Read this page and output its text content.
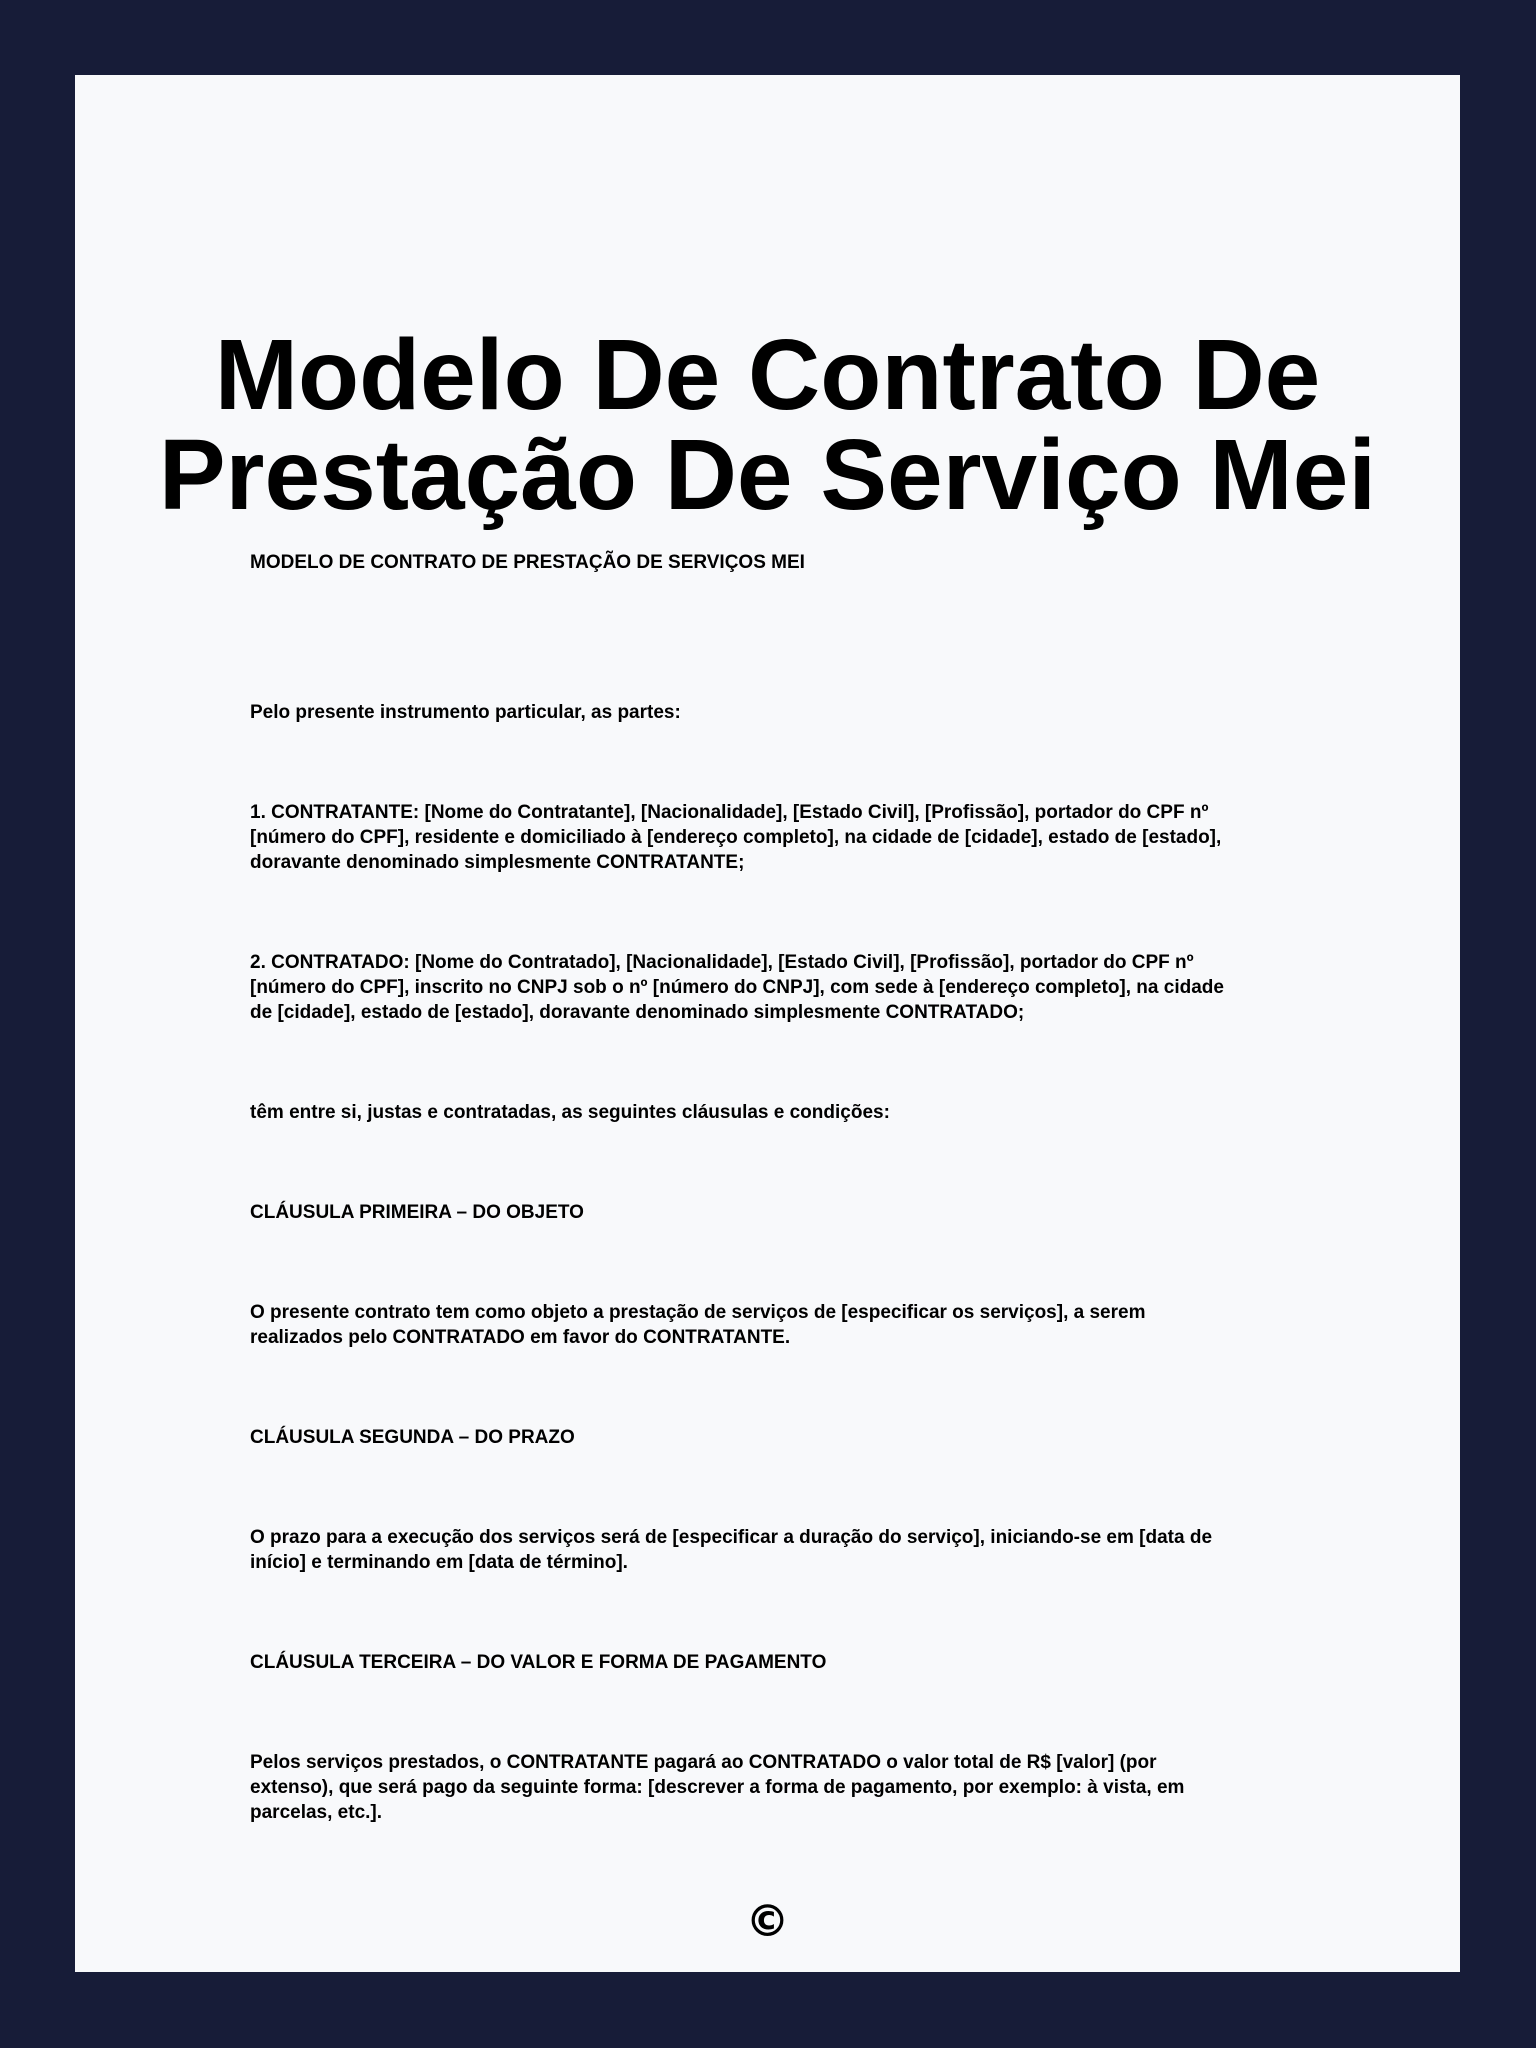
Modelo De Contrato De
Prestação De Serviço Mei

MODELO DE CONTRATO DE PRESTAÇÃO DE SERVIÇOS MEI

Pelo presente instrumento particular, as partes:

1. CONTRATANTE: [Nome do Contratante], [Nacionalidade], [Estado Civil], [Profissão], portador do CPF nº
[número do CPF], residente e domiciliado à [endereço completo], na cidade de [cidade], estado de [estado],
doravante denominado simplesmente CONTRATANTE;

2. CONTRATADO: [Nome do Contratado], [Nacionalidade], [Estado Civil], [Profissão], portador do CPF nº
[número do CPF], inscrito no CNPJ sob o nº [número do CNPJ], com sede à [endereço completo], na cidade
de [cidade], estado de [estado], doravante denominado simplesmente CONTRATADO;

têm entre si, justas e contratadas, as seguintes cláusulas e condições:

CLÁUSULA PRIMEIRA – DO OBJETO

O presente contrato tem como objeto a prestação de serviços de [especificar os serviços], a serem
realizados pelo CONTRATADO em favor do CONTRATANTE.

CLÁUSULA SEGUNDA – DO PRAZO

O prazo para a execução dos serviços será de [especificar a duração do serviço], iniciando-se em [data de
início] e terminando em [data de término].

CLÁUSULA TERCEIRA – DO VALOR E FORMA DE PAGAMENTO

Pelos serviços prestados, o CONTRATANTE pagará ao CONTRATADO o valor total de R$ [valor] (por
extenso), que será pago da seguinte forma: [descrever a forma de pagamento, por exemplo: à vista, em
parcelas, etc.].

©
